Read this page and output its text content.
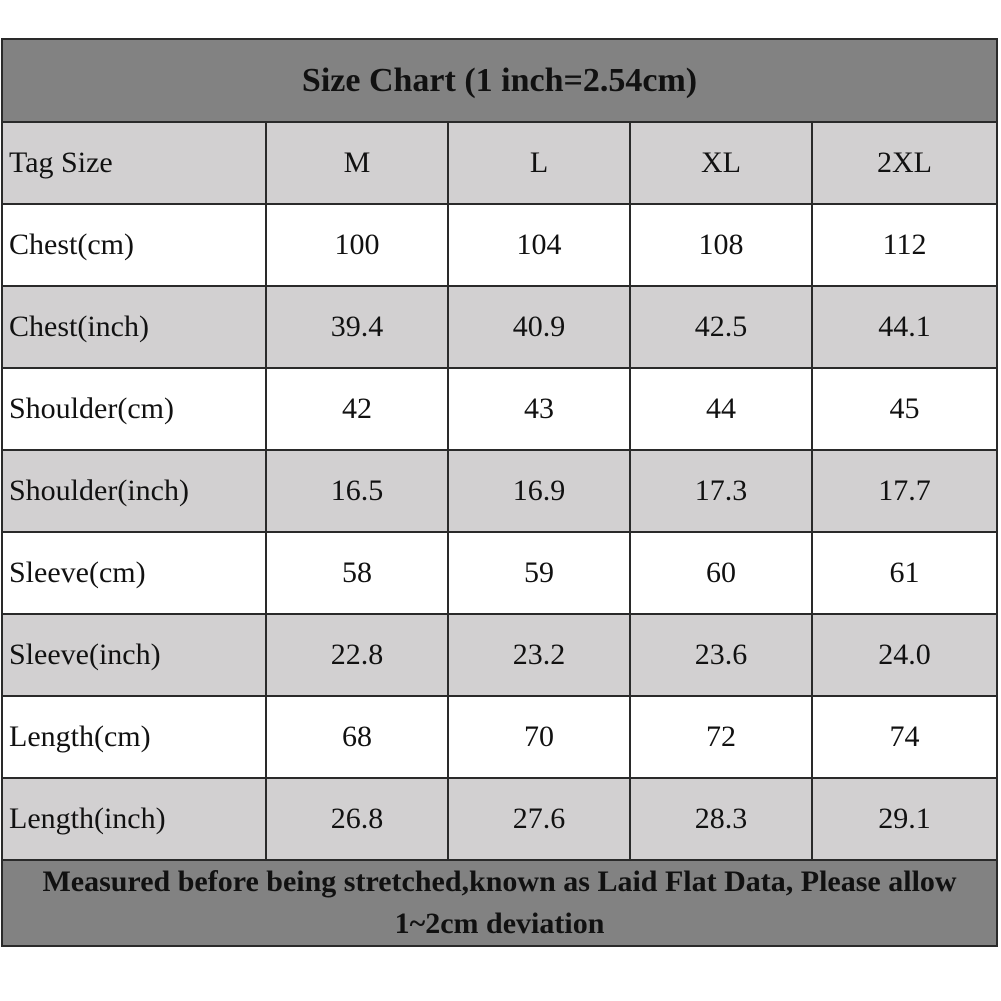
Size Chart (1 inch=2.54cm)				
Tag Size	M	L	XL	2XL
Chest(cm)	100	104	108	112
Chest(inch)	39.4	40.9	42.5	44.1
Shoulder(cm)	42	43	44	45
Shoulder(inch)	16.5	16.9	17.3	17.7
Sleeve(cm)	58	59	60	61
Sleeve(inch)	22.8	23.2	23.6	24.0
Length(cm)	68	70	72	74
Length(inch)	26.8	27.6	28.3	29.1
Measured before being stretched,known as Laid Flat Data, Please allow 1~2cm deviation				
